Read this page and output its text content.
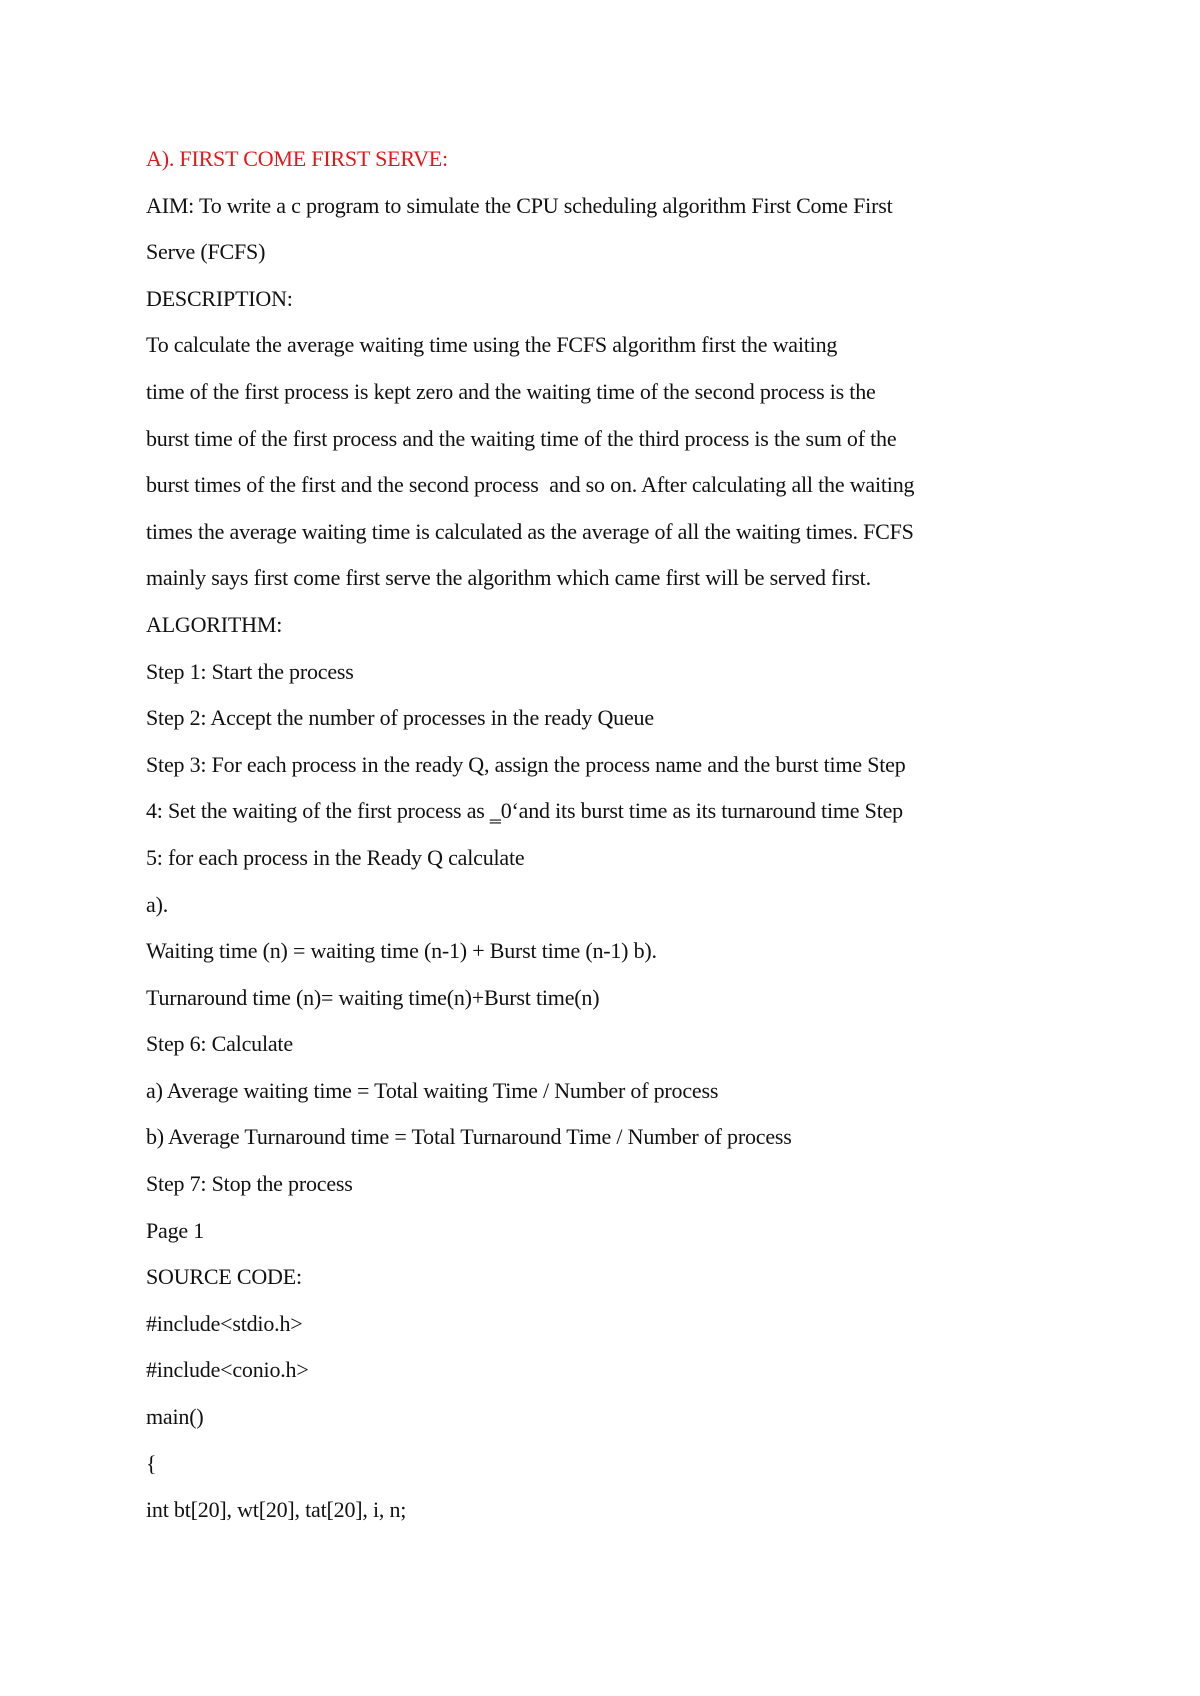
A). FIRST COME FIRST SERVE:
AIM: To write a c program to simulate the CPU scheduling algorithm First Come First
Serve (FCFS)
DESCRIPTION:
To calculate the average waiting time using the FCFS algorithm first the waiting
time of the first process is kept zero and the waiting time of the second process is the
burst time of the first process and the waiting time of the third process is the sum of the
burst times of the first and the second process  and so on. After calculating all the waiting
times the average waiting time is calculated as the average of all the waiting times. FCFS
mainly says first come first serve the algorithm which came first will be served first.
ALGORITHM:
Step 1: Start the process
Step 2: Accept the number of processes in the ready Queue
Step 3: For each process in the ready Q, assign the process name and the burst time Step
4: Set the waiting of the first process as ‗0‘and its burst time as its turnaround time Step
5: for each process in the Ready Q calculate
a).
Waiting time (n) = waiting time (n-1) + Burst time (n-1) b).
Turnaround time (n)= waiting time(n)+Burst time(n)
Step 6: Calculate
a) Average waiting time = Total waiting Time / Number of process
b) Average Turnaround time = Total Turnaround Time / Number of process
Step 7: Stop the process
Page 1
SOURCE CODE:
#include<stdio.h>
#include<conio.h>
main()
{
int bt[20], wt[20], tat[20], i, n;
